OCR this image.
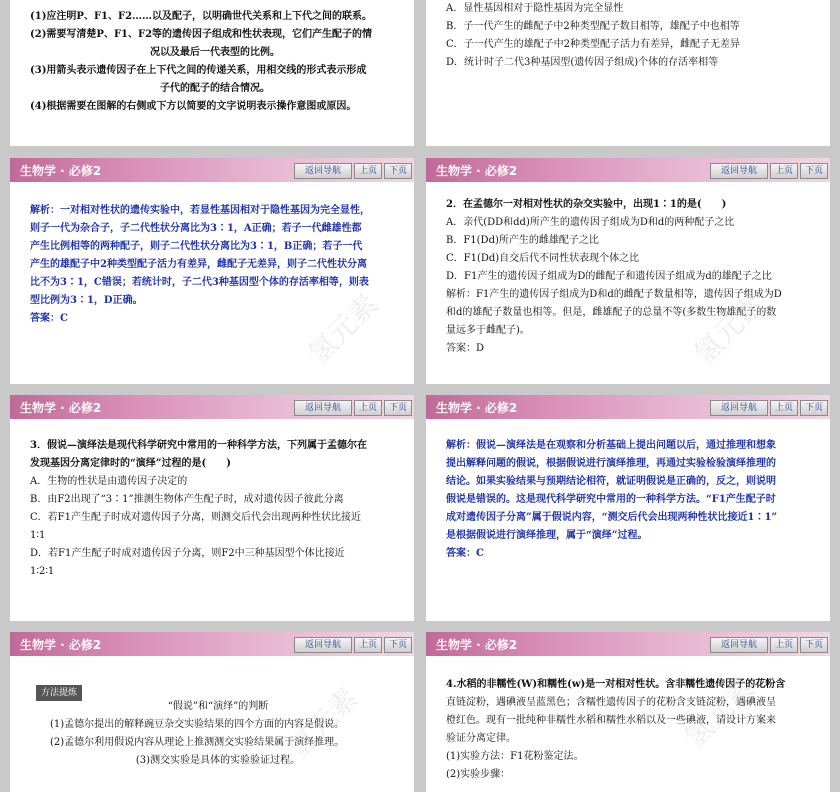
(1)应注明P、F1、F2……以及配子，以明确世代关系和上下代之间的联系。
(2)需要写清楚P、F1、F2等的遗传因子组成和性状表现，它们产生配子的情
况以及最后一代表型的比例。
(3)用箭头表示遗传因子在上下代之间的传递关系，用相交线的形式表示形成
子代的配子的结合情况。
(4)根据需要在图解的右侧或下方以简要的文字说明表示操作意图或原因。
A．显性基因相对于隐性基因为完全显性
B．子一代产生的雌配子中2种类型配子数目相等，雄配子中也相等
C．子一代产生的雄配子中2种类型配子活力有差异，雌配子无差异
D．统计时子二代3种基因型(遗传因子组成)个体的存活率相等
生物学 · 必修2	返回导航	上页	下页
解析：一对相对性状的遗传实验中，若显性基因相对于隐性基因为完全显性，
则子一代为杂合子，子二代性状分离比为3∶1，A正确；若子一代雌雄性都
产生比例相等的两种配子，则子二代性状分离比为3∶1，B正确；若子一代
产生的雄配子中2种类型配子活力有差异，雌配子无差异，则子二代性状分离
比不为3∶1，C错误；若统计时，子二代3种基因型个体的存活率相等，则表
型比例为3∶1，D正确。
答案：C	氢元素
生物学 · 必修2	返回导航	上页	下页
2．在孟德尔一对相对性状的杂交实验中，出现1∶1的是(　　)
A．亲代(DD和dd)所产生的遗传因子组成为D和d的两种配子之比
B．F1(Dd)所产生的雌雄配子之比
C．F1(Dd)自交后代不同性状表现个体之比
D．F1产生的遗传因子组成为D的雌配子和遗传因子组成为d的雄配子之比
解析：F1产生的遗传因子组成为D和d的雌配子数量相等，遗传因子组成为D
和d的雄配子数量也相等。但是，雌雄配子的总量不等(多数生物雄配子的数
量远多于雌配子)。
答案：D	氢元素
生物学 · 必修2	返回导航	上页	下页
3．假说—演绎法是现代科学研究中常用的一种科学方法，下列属于孟德尔在
发现基因分离定律时的“演绎”过程的是(　　)
A．生物的性状是由遗传因子决定的
B．由F2出现了“3∶1”推测生物体产生配子时，成对遗传因子彼此分离
C．若F1产生配子时成对遗传因子分离，则测交后代会出现两种性状比接近
1∶1
D．若F1产生配子时成对遗传因子分离，则F2中三种基因型个体比接近
1∶2∶1
生物学 · 必修2	返回导航	上页	下页
解析：假说—演绎法是在观察和分析基础上提出问题以后，通过推理和想象
提出解释问题的假说，根据假说进行演绎推理，再通过实验检验演绎推理的
结论。如果实验结果与预期结论相符，就证明假说是正确的，反之，则说明
假说是错误的。这是现代科学研究中常用的一种科学方法。“F1产生配子时
成对遗传因子分离”属于假说内容，“测交后代会出现两种性状比接近1∶1”
是根据假说进行演绎推理，属于“演绎”过程。
答案：C
生物学 · 必修2	返回导航	上页	下页
方法提炼
“假说”和“演绎”的判断
(1)孟德尔提出的解释豌豆杂交实验结果的四个方面的内容是假说。
(2)孟德尔利用假说内容从理论上推测测交实验结果属于演绎推理。
(3)测交实验是具体的实验验证过程。
氢元素
生物学 · 必修2	返回导航	上页	下页
4.水稻的非糯性(W)和糯性(w)是一对相对性状。含非糯性遗传因子的花粉含
直链淀粉，遇碘液呈蓝黑色；含糯性遗传因子的花粉含支链淀粉，遇碘液呈
橙红色。现有一批纯种非糯性水稻和糯性水稻以及一些碘液，请设计方案来
验证分离定律。
(1)实验方法：F1花粉鉴定法。
(2)实验步骤：
氢元素
